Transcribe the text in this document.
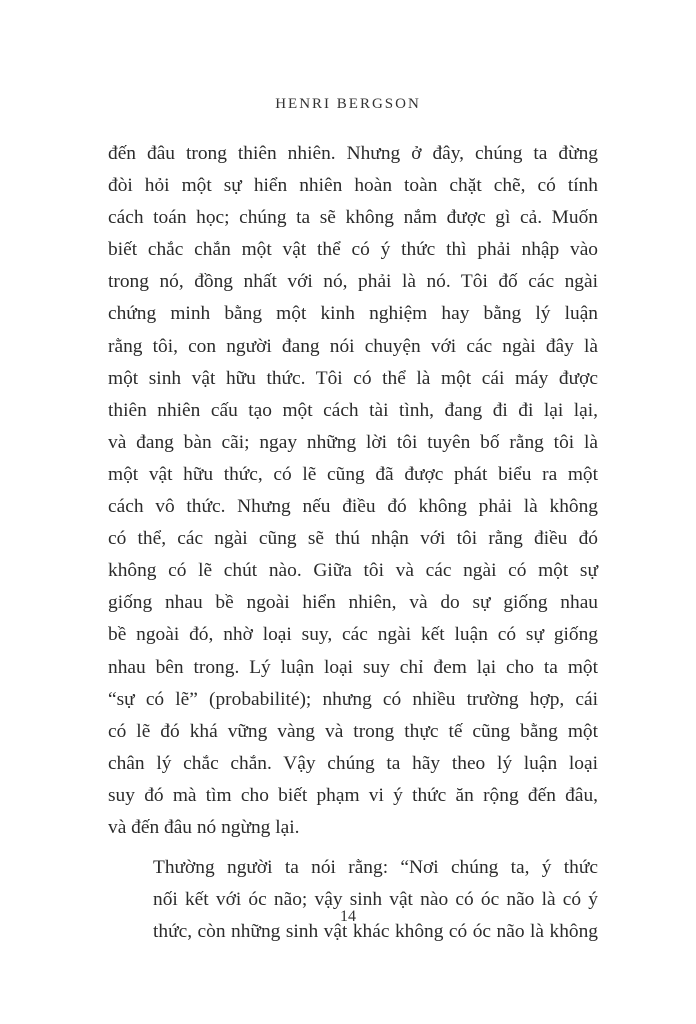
HENRI BERGSON

đến đâu trong thiên nhiên. Nhưng ở đây, chúng ta đừng
đòi hỏi một sự hiển nhiên hoàn toàn chặt chẽ, có tính
cách toán học; chúng ta sẽ không nắm được gì cả. Muốn
biết chắc chắn một vật thể có ý thức thì phải nhập vào
trong nó, đồng nhất với nó, phải là nó. Tôi đố các ngài
chứng minh bằng một kinh nghiệm hay bằng lý luận
rằng tôi, con người đang nói chuyện với các ngài đây là
một sinh vật hữu thức. Tôi có thể là một cái máy được
thiên nhiên cấu tạo một cách tài tình, đang đi đi lại lại,
và đang bàn cãi; ngay những lời tôi tuyên bố rằng tôi là
một vật hữu thức, có lẽ cũng đã được phát biểu ra một
cách vô thức. Nhưng nếu điều đó không phải là không
có thể, các ngài cũng sẽ thú nhận với tôi rằng điều đó
không có lẽ chút nào. Giữa tôi và các ngài có một sự
giống nhau bề ngoài hiển nhiên, và do sự giống nhau
bề ngoài đó, nhờ loại suy, các ngài kết luận có sự giống
nhau bên trong. Lý luận loại suy chỉ đem lại cho ta một
“sự có lẽ” (probabilité); nhưng có nhiều trường hợp, cái
có lẽ đó khá vững vàng và trong thực tế cũng bằng một
chân lý chắc chắn. Vậy chúng ta hãy theo lý luận loại
suy đó mà tìm cho biết phạm vi ý thức ăn rộng đến đâu,
và đến đâu nó ngừng lại.

Thường người ta nói rằng: “Nơi chúng ta, ý thức
nối kết với óc não; vậy sinh vật nào có óc não là có ý
thức, còn những sinh vật khác không có óc não là không

14
